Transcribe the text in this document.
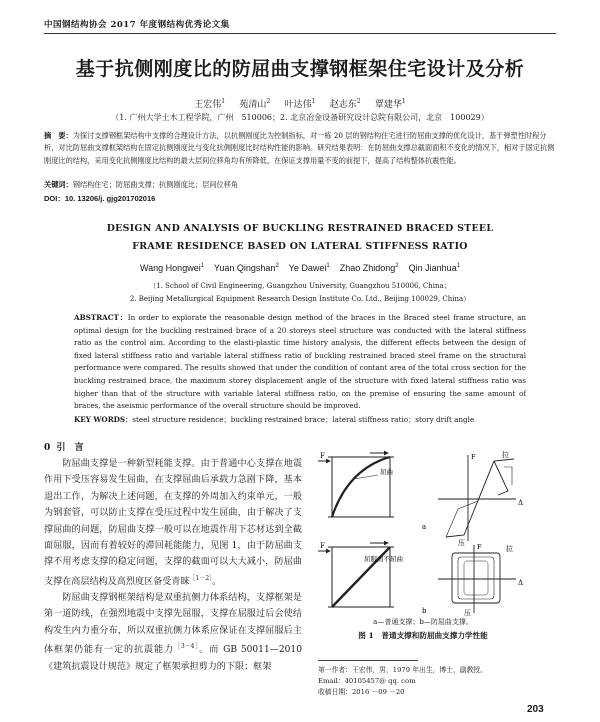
中国钢结构协会 2017 年度钢结构优秀论文集
基于抗侧刚度比的防屈曲支撑钢框架住宅设计及分析
王宏伟$^1$ 苑清山$^2$ 叶达伟$^1$ 赵志东$^2$ 覃建华$^1$
（1. 广州大学土木工程学院，广州　510006；2. 北京冶金设备研究设计总院有限公司，北京　100029）
摘　要：为探讨支撑钢框架结构中支撑的合理设计方法，以抗侧刚度比为控制指标，对一栋 20 层的钢结构住宅进行防屈曲支撑的优化设计，基于弹塑性时程分析，对比防屈曲支撑框架结构在固定抗侧刚度比与变化抗侧刚度比时结构性能的影响。研究结果表明：在防屈曲支撑总截面面积不变化的情况下，相对于固定抗侧刚度比的结构，采用变化抗侧刚度比结构的最大层间位移角均有所降低，在保证支撑用量不变的前提下，提高了结构整体抗震性能。
关键词：钢结构住宅；防屈曲支撑；抗侧刚度比；层间位移角
DOI：10. 13206/j. gjg201702016
DESIGN AND ANALYSIS OF BUCKLING RESTRAINED BRACED STEEL
FRAME RESIDENCE BASED ON LATERAL STIFFNESS RATIO
Wang Hongwei$^1$ Yuan Qingshan$^2$ Ye Dawei$^1$ Zhao Zhidong$^2$ Qin Jianhua$^1$
（1. School of Civil Engineering, Guangzhou University, Guangzhou 510006, China；
2. Beijing Metallurgical Equipment Research Design Institute Co. Ltd., Beijing 100029, China）
ABSTRACT：In order to explorate the reasonable design method of the braces in the Braced steel frame structure, an optimal design for the buckling restrained brace of a 20 storeys steel structure was conducted with the lateral stiffness ratio as the control aim. According to the elasti-plastic time history analysis, the different effects between the design of fixed lateral stiffness ratio and variable lateral stiffness ratio of buckling restrained braced steel frame on the structural performance were compared. The results showed that under the condition of contant area of the total cross section for the buckling restrained brace, the maximum storey displacement angle of the structure with fixed lateral stiffness ratio was higher than that of the structure with variable lateral stiffness ratio, on the premise of ensuring the same amount of braces, the aseismic performance of the overall structure should be improved.
KEY WORDS：steel structure residence；buckling restrained brace；lateral stiffness ratio；story drift angle
0 引　言
防屈曲支撑是一种新型耗能支撑。由于普通中心支撑在地震作用下受压容易发生屈曲，在支撑屈曲后承载力急剧下降，基本退出工作，为解决上述问题，在支撑的外周加入约束单元，一般为钢套管，可以防止支撑在受压过程中发生屈曲，由于解决了支撑屈曲的问题，防屈曲支撑一般可以在地震作用下芯材达到全截面屈服，因而有着较好的滞回耗能能力，见图 1，由于防屈曲支撑不用考虑支撑的稳定问题，支撑的截面可以大大减小，防屈曲支撑在高层结构及高烈度区备受青睐$^{[1-2]}$。
防屈曲支撑钢框架结构是双重抗侧力体系结构，支撑框架是第一道防线，在强烈地震中支撑先屈服，支撑在屈服过后会使结构发生内力重分布，所以双重抗侧力体系应保证在支撑屈服后主体框架仍能有一定的抗震能力$^{[3-4]}$。而 GB 50011—2010《建筑抗震设计规范》规定了框架承担剪力的下限；框架
F
屈曲
拉
压
Δ
F
a
F
屈服而不屈曲
拉
压
Δ
F
b
a—普通支撑；b—防屈曲支撑。
图 1　普通支撑和防屈曲支撑力学性能
第一作者：王宏伟，男，1979 年出生，博士，副教授。
Email：40105457@ qq. com
收稿日期：2016 －09 －20
203
